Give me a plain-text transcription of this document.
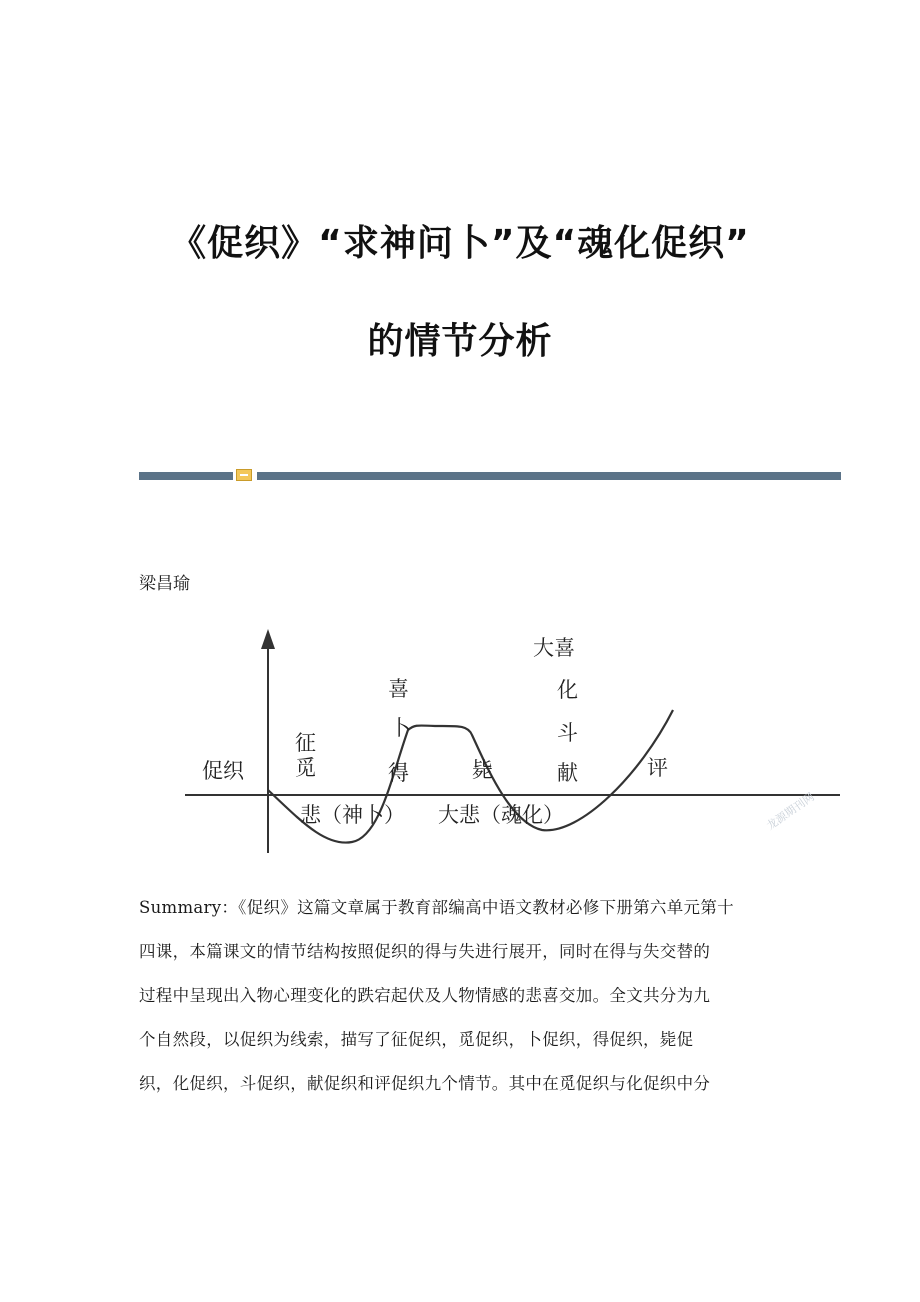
《促织》“求神问卜”及“魂化促织”
的情节分析
梁昌瑜
促织
征
觅
喜
卜
得	毙
大喜
化
斗
献	评
悲（神卜） 大悲（魂化）	龙源期刊网
Summary：《促织》这篇文章属于教育部编高中语文教材必修下册第六单元第十
四课，本篇课文的情节结构按照促织的得与失进行展开，同时在得与失交替的
过程中呈现出入物心理变化的跌宕起伏及人物情感的悲喜交加。全文共分为九
个自然段，以促织为线索，描写了征促织，觅促织，卜促织，得促织，毙促
织，化促织，斗促织，献促织和评促织九个情节。其中在觅促织与化促织中分
